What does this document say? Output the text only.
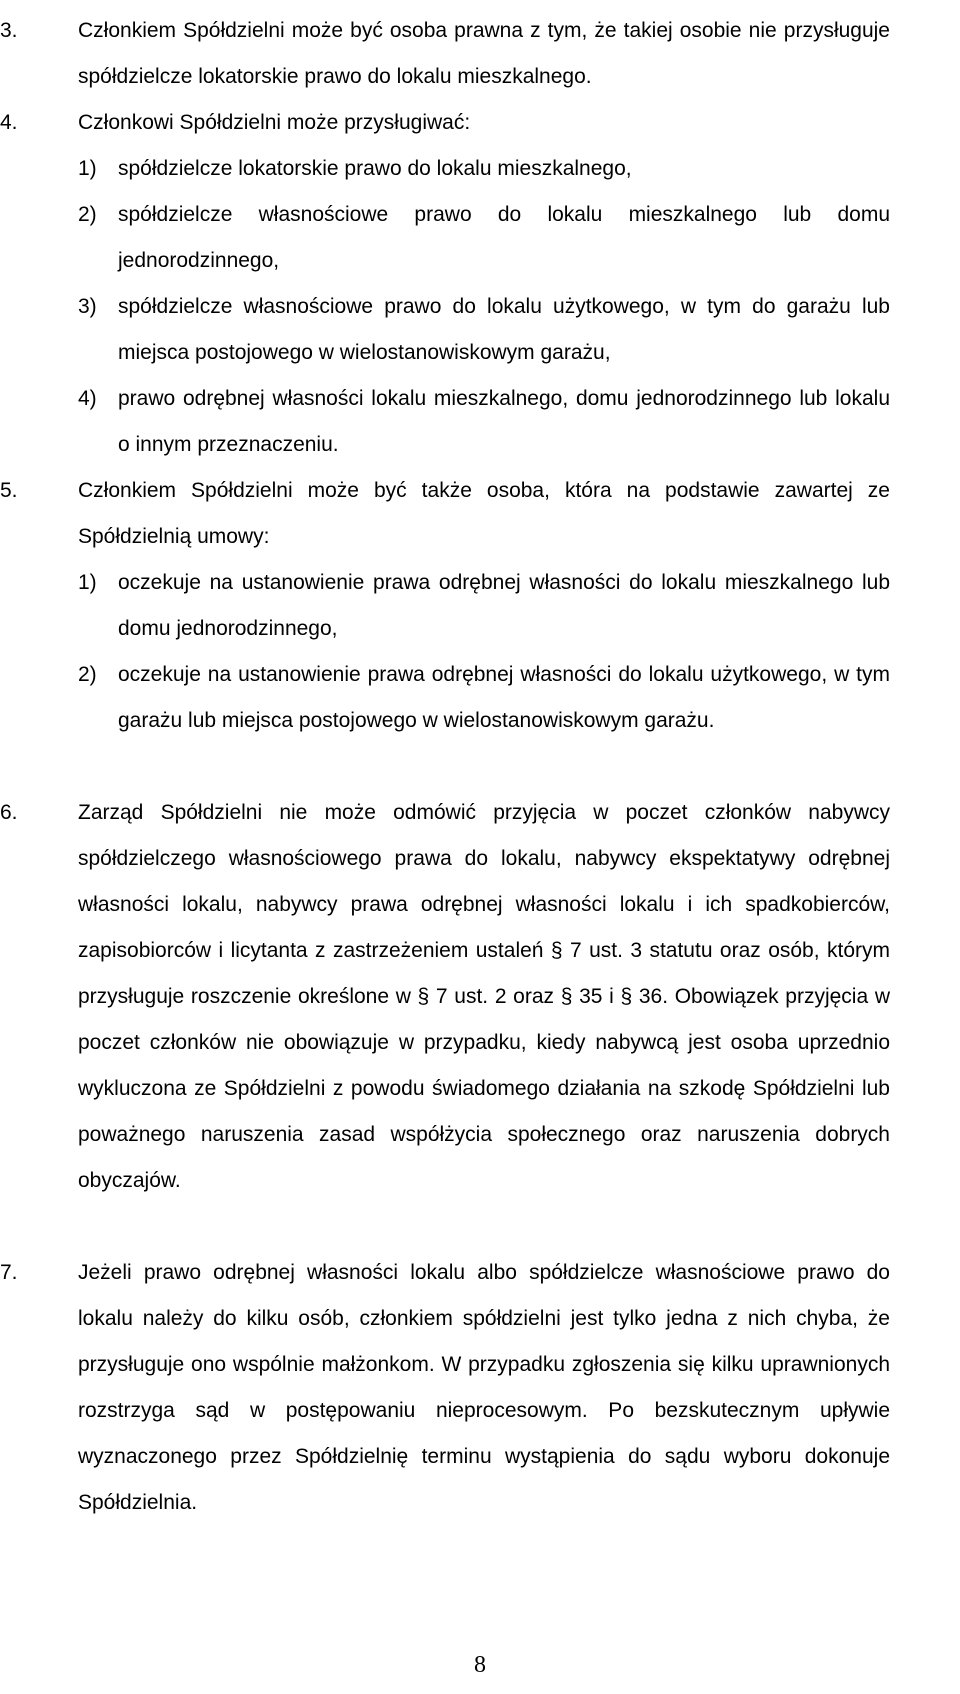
3.	Członkiem Spółdzielni może być osoba prawna z tym, że takiej osobie nie przysługuje spółdzielcze lokatorskie prawo do lokalu mieszkalnego.
4.	Członkowi Spółdzielni może przysługiwać:
1) spółdzielcze lokatorskie prawo do lokalu mieszkalnego,
2) spółdzielcze własnościowe prawo do lokalu mieszkalnego lub domu jednorodzinnego,
3) spółdzielcze własnościowe prawo do lokalu użytkowego, w tym do garażu lub miejsca postojowego w wielostanowiskowym garażu,
4) prawo odrębnej własności lokalu mieszkalnego, domu jednorodzinnego lub lokalu o innym przeznaczeniu.
5.	Członkiem Spółdzielni może być także osoba, która na podstawie zawartej ze Spółdzielnią umowy:
1) oczekuje na ustanowienie prawa odrębnej własności do lokalu mieszkalnego lub domu jednorodzinnego,
2) oczekuje na ustanowienie prawa odrębnej własności do lokalu użytkowego, w tym garażu lub miejsca postojowego w wielostanowiskowym garażu.
6.	Zarząd Spółdzielni nie może odmówić przyjęcia w poczet członków nabywcy spółdzielczego własnościowego prawa do lokalu, nabywcy ekspektatywy odrębnej własności lokalu, nabywcy prawa odrębnej własności lokalu i ich spadkobierców, zapisobiorców i licytanta z zastrzeżeniem ustaleń § 7 ust. 3 statutu oraz osób, którym przysługuje roszczenie określone w § 7 ust. 2 oraz § 35 i § 36. Obowiązek przyjęcia w poczet członków nie obowiązuje w przypadku, kiedy nabywcą jest osoba uprzednio wykluczona ze Spółdzielni z powodu świadomego działania na szkodę Spółdzielni lub poważnego naruszenia zasad współżycia społecznego oraz naruszenia dobrych obyczajów.
7.	Jeżeli prawo odrębnej własności lokalu albo spółdzielcze własnościowe prawo do lokalu należy do kilku osób, członkiem spółdzielni jest tylko jedna z nich chyba, że przysługuje ono wspólnie małżonkom. W przypadku zgłoszenia się kilku uprawnionych rozstrzyga sąd w postępowaniu nieprocesowym. Po bezskutecznym upływie wyznaczonego przez Spółdzielnię terminu wystąpienia do sądu wyboru dokonuje Spółdzielnia.
8
